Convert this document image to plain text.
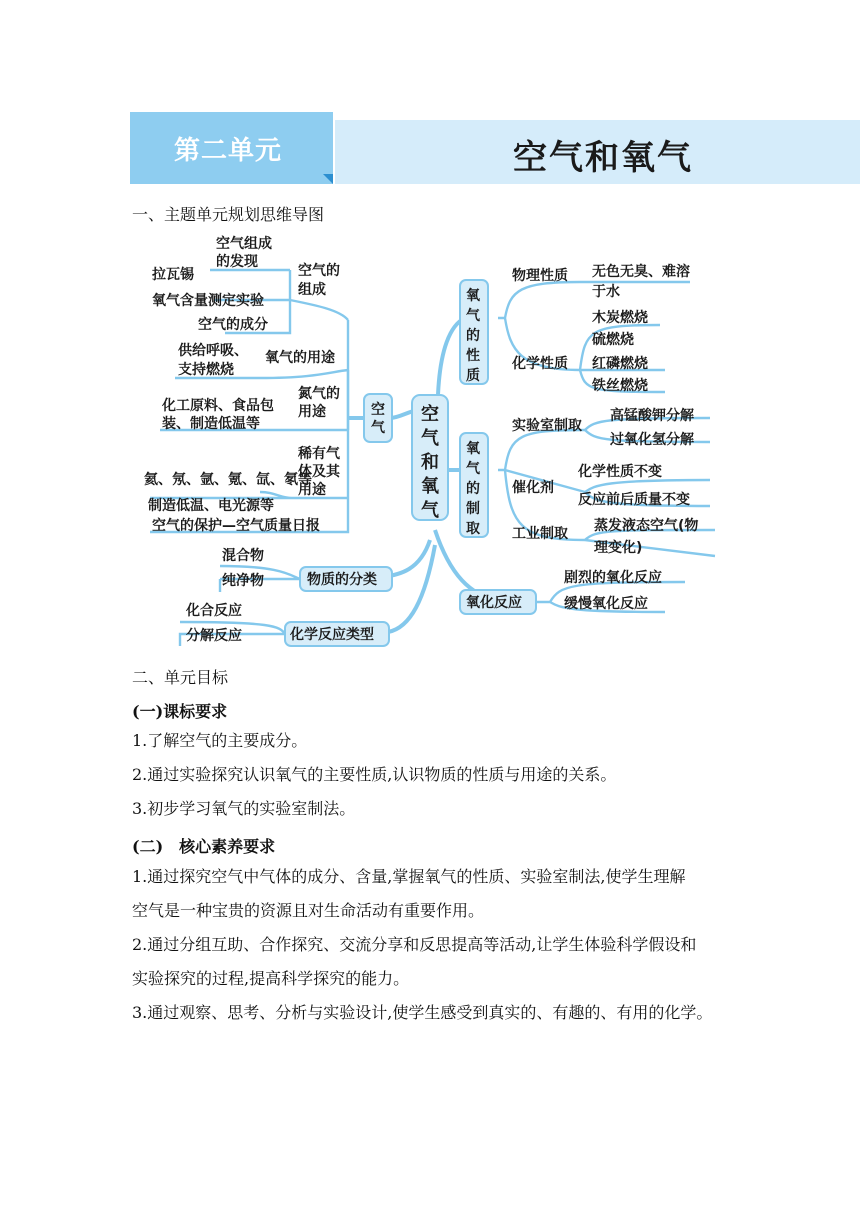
第二单元	空气和氧气
一、主题单元规划思维导图
空
气
和
氧
气
空
气
空气的
组成
空气组成
的发现
拉瓦锡
氧气含量测定实验
空气的成分
氧气的用途
供给呼吸、
支持燃烧
氮气的
用途
化工原料、食品包
装、制造低温等
稀有气
体及其
用途
氦、氖、氩、氪、氙、氡等
制造低温、电光源等
空气的保护—空气质量日报
物质的分类
混合物
纯净物
化学反应类型
化合反应
分解反应
氧
气
的
性
质
物理性质 无色无臭、难溶
于水
化学性质
木炭燃烧
硫燃烧
红磷燃烧
铁丝燃烧
氧
气
的
制
取
实验室制取
高锰酸钾分解
过氧化氢分解
催化剂
化学性质不变
反应前后质量不变
工业制取 蒸发液态空气(物
理变化)
氧化反应
剧烈的氧化反应
缓慢氧化反应
二、单元目标
(一)课标要求
1.了解空气的主要成分。
2.通过实验探究认识氧气的主要性质,认识物质的性质与用途的关系。
3.初步学习氧气的实验室制法。
(二)　核心素养要求
1.通过探究空气中气体的成分、含量,掌握氧气的性质、实验室制法,使学生理解
空气是一种宝贵的资源且对生命活动有重要作用。
2.通过分组互助、合作探究、交流分享和反思提高等活动,让学生体验科学假设和
实验探究的过程,提高科学探究的能力。
3.通过观察、思考、分析与实验设计,使学生感受到真实的、有趣的、有用的化学。
